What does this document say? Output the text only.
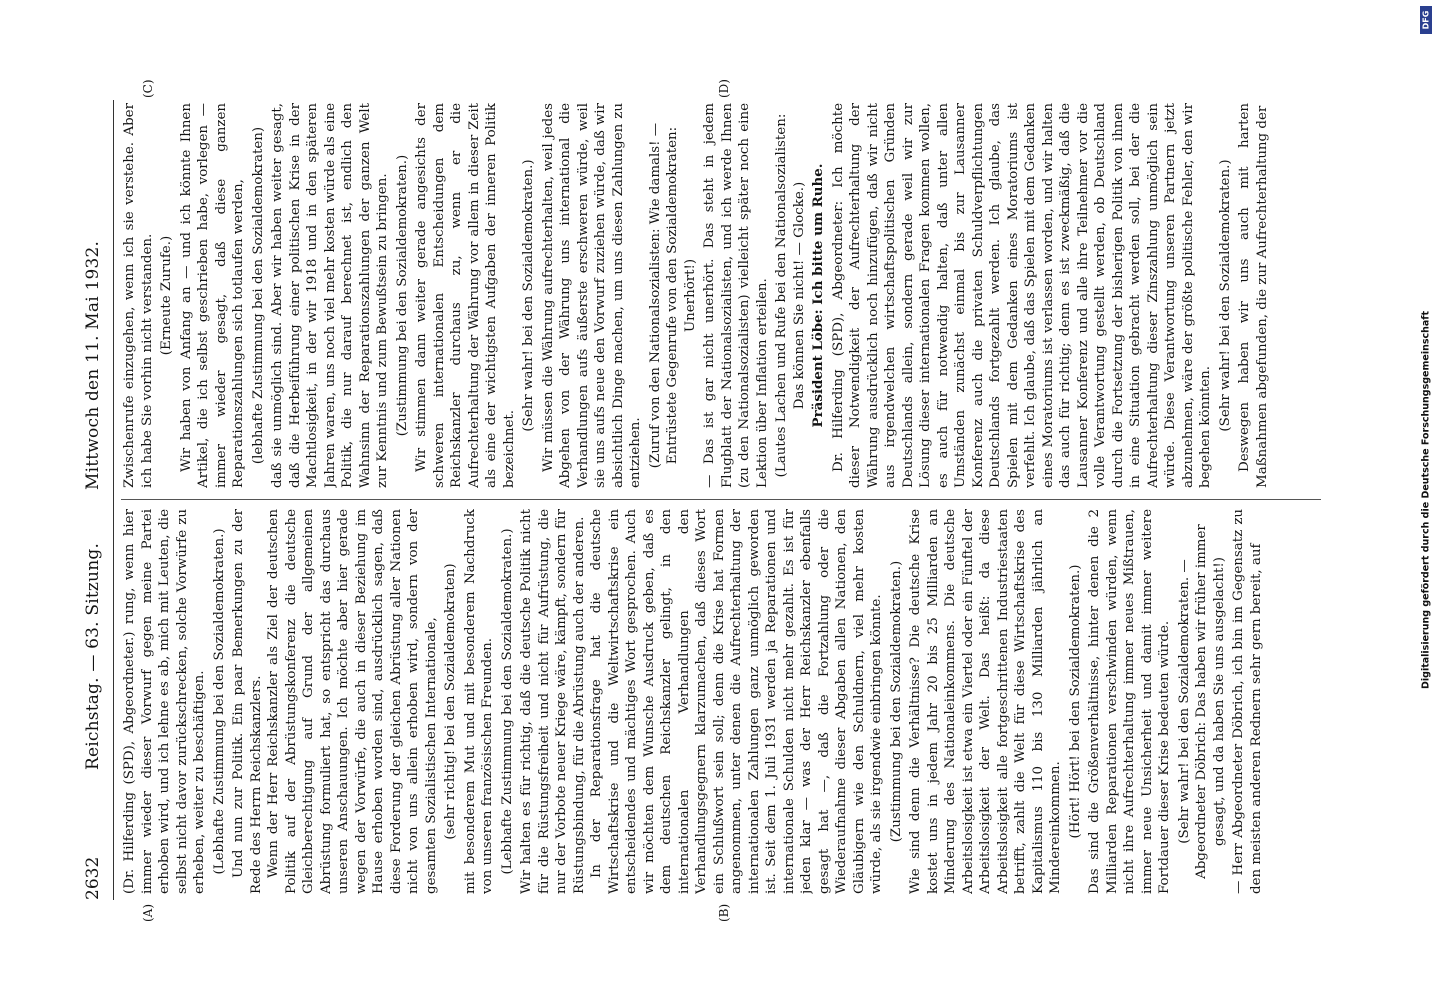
2632
Reichstag. — 63. Sitzung.
Mittwoch den 11. Mai 1932.

(Dr. Hilferding (SPD), Abgeordneter.) rung, wenn hier immer wieder dieser Vorwurf gegen meine Partei erhoben wird, und ich lehne es ab, mich mit Leuten, die selbst nicht davor zurückschrecken, solche Vorwürfe zu erheben, weiter zu beschäftigen. (Lebhafte Zustimmung bei den Sozialdemokraten.) Und nun zur Politik. Ein paar Bemerkungen zu der Rede des Herrn Reichskanzlers. Wenn der Herr Reichskanzler als Ziel der deutschen Politik auf der Abrüstungskonferenz die deutsche Gleichberechtigung auf Grund der allgemeinen Abrüstung formuliert hat, so entspricht das durchaus unseren Anschauungen. Ich möchte aber hier gerade wegen der Vorwürfe, die auch in dieser Beziehung im Hause erhoben worden sind, ausdrücklich sagen, daß diese Forderung der gleichen Abrüstung aller Nationen nicht von uns allein erhoben wird, sondern von der gesamten Sozialistischen Internationale, (sehr richtig! bei den Sozialdemokraten) mit besonderem Mut und mit besonderem Nachdruck von unseren französischen Freunden. (Lebhafte Zustimmung bei den Sozialdemokraten.) Wir halten es für richtig, daß die deutsche Politik nicht für die Rüstungsfreiheit und nicht für Aufrüstung, die nur der Vorbote neuer Kriege wäre, kämpft, sondern für Rüstungsbindung, für die Abrüstung auch der anderen. In der Reparationsfrage hat die deutsche Wirtschaftskrise und die Weltwirtschaftskrise ein entscheidendes und mächtiges Wort gesprochen. Auch wir möchten dem Wunsche Ausdruck geben, daß es dem deutschen Reichskanzler gelingt, in den internationalen Verhandlungen den Verhandlungsgegnern klarzumachen, daß dieses Wort ein Schlußwort sein soll; denn die Krise hat Formen angenommen, unter denen die Aufrechterhaltung der internationalen Zahlungen ganz unmöglich geworden ist. Seit dem 1. Juli 1931 werden ja Reparationen und internationale Schulden nicht mehr gezahlt. Es ist für jeden klar — was der Herr Reichskanzler ebenfalls gesagt hat —, daß die Fortzahlung oder die Wiederaufnahme dieser Abgaben allen Nationen, den Gläubigern wie den Schuldnern, viel mehr kosten würde, als sie irgendwie einbringen könnte. (Zustimmung bei den Sozialdemokraten.) Wie sind denn die Verhältnisse? Die deutsche Krise kostet uns in jedem Jahr 20 bis 25 Milliarden an Minderung des Nationaleinkommens. Die deutsche Arbeitslosigkeit ist etwa ein Viertel oder ein Fünftel der Arbeitslosigkeit der Welt. Das heißt: da diese Arbeitslosigkeit alle fortgeschrittenen Industriestaaten betrifft, zahlt die Welt für diese Wirtschaftskrise des Kapitalismus 110 bis 130 Milliarden jährlich an Mindereinkommen. (Hört! Hört! bei den Sozialdemokraten.) Das sind die Größenverhältnisse, hinter denen die 2 Milliarden Reparationen verschwinden würden, wenn nicht ihre Aufrechterhaltung immer neues Mißtrauen, immer neue Unsicherheit und damit immer weitere Fortdauer dieser Krise bedeuten würde. (Sehr wahr! bei den Sozialdemokraten. — Abgeordneter Döbrich: Das haben wir früher immer gesagt, und da haben Sie uns ausgelacht!) — Herr Abgeordneter Döbrich, ich bin im Gegensatz zu den meisten anderen Rednern sehr gern bereit, auf

Zwischenrufe einzugehen, wenn ich sie verstehe. Aber ich habe Sie vorhin nicht verstanden. (Erneute Zurufe.) Wir haben von Anfang an — und ich könnte Ihnen Artikel, die ich selbst geschrieben habe, vorlegen — immer wieder gesagt, daß diese ganzen Reparationszahlungen sich totlaufen werden, (lebhafte Zustimmung bei den Sozialdemokraten) daß sie unmöglich sind. Aber wir haben weiter gesagt, daß die Herbeiführung einer politischen Krise in der Machtlosigkeit, in der wir 1918 und in den späteren Jahren waren, uns noch viel mehr kosten würde als eine Politik, die nur darauf berechnet ist, endlich den Wahnsinn der Reparationszahlungen der ganzen Welt zur Kenntnis und zum Bewußtsein zu bringen. (Zustimmung bei den Sozialdemokraten.) Wir stimmen dann weiter gerade angesichts der schweren internationalen Entscheidungen dem Reichskanzler durchaus zu, wenn er die Aufrechterhaltung der Währung vor allem in dieser Zeit als eine der wichtigsten Aufgaben der inneren Politik bezeichnet.

(Sehr wahr! bei den Sozialdemokraten.) Wir müssen die Währung aufrechterhalten, weil jedes Abgehen von der Währung uns international die Verhandlungen aufs äußerste erschweren würde, weil sie uns aufs neue den Vorwurf zuziehen würde, daß wir absichtlich Dinge machen, um uns diesen Zahlungen zu entziehen. (Zuruf von den Nationalsozialisten: Wie damals! — Entrüstete Gegenrufe von den Sozialdemokraten: Unerhört!) — Das ist gar nicht unerhört. Das steht in jedem Flugblatt der Nationalsozialisten, und ich werde Ihnen (zu den Nationalsozialisten) vielleicht später noch eine Lektion über Inflation erteilen. (Lautes Lachen und Rufe bei den Nationalsozialisten: Das können Sie nicht! — Glocke.) Präsident Löbe: Ich bitte um Ruhe. Dr. Hilferding (SPD), Abgeordneter: Ich möchte dieser Notwendigkeit der Aufrechterhaltung der Währung ausdrücklich noch hinzufügen, daß wir nicht aus irgendwelchen wirtschaftspolitischen Gründen Deutschlands allein, sondern gerade weil wir zur Lösung dieser internationalen Fragen kommen wollen, es auch für notwendig halten, daß unter allen Umständen zunächst einmal bis zur Lausanner Konferenz auch die privaten Schuldverpflichtungen Deutschlands fortgezahlt werden. Ich glaube, das Spielen mit dem Gedanken eines Moratoriums ist verfehlt. Ich glaube, daß das Spielen mit dem Gedanken eines Moratoriums ist verlassen worden, und wir halten das auch für richtig; denn es ist zweckmäßig, daß die Lausanner Konferenz und alle ihre Teilnehmer vor die volle Verantwortung gestellt werden, ob Deutschland durch die Fortsetzung der bisherigen Politik von ihnen in eine Situation gebracht werden soll, bei der die Aufrechterhaltung dieser Zinszahlung unmöglich sein würde. Diese Verantwortung unseren Partnern jetzt abzunehmen, wäre der größte politische Fehler, den wir begehen könnten. (Sehr wahr! bei den Sozialdemokraten.) Deswegen haben wir uns auch mit harten Maßnahmen abgefunden, die zur Aufrechterhaltung der

(A)	(B)
(C)	(D)
DFG
Digitalisierung gefördert durch die Deutsche Forschungsgemeinschaft
